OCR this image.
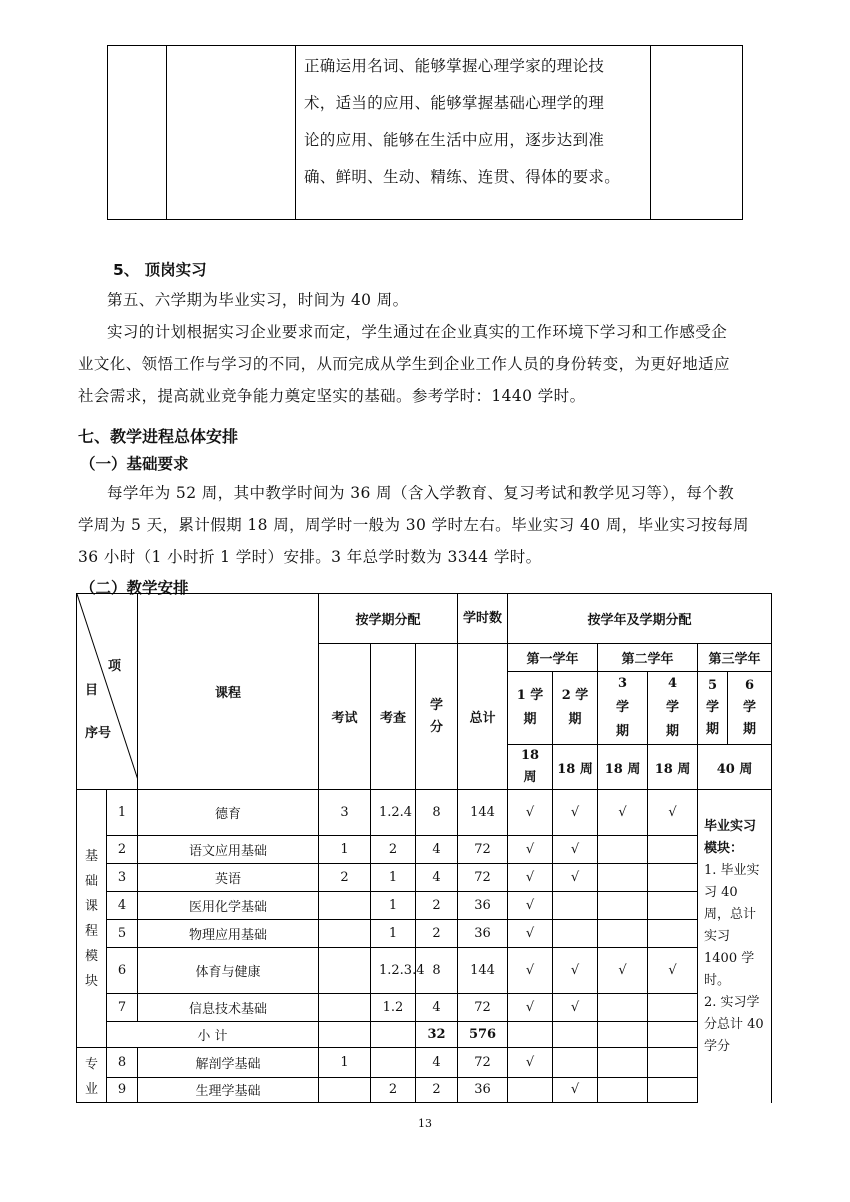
正确运用名词、能够掌握心理学家的理论技
术，适当的应用、能够掌握基础心理学的理
论的应用、能够在生活中应用，逐步达到准
确、鲜明、生动、精练、连贯、得体的要求。

5、 顶岗实习
第五、六学期为毕业实习，时间为 40 周。
实习的计划根据实习企业要求而定，学生通过在企业真实的工作环境下学习和工作感受企
业文化、领悟工作与学习的不同，从而完成从学生到企业工作人员的身份转变，为更好地适应
社会需求，提高就业竞争能力奠定坚实的基础。参考学时：1440 学时。
七、教学进程总体安排
（一）基础要求
每学年为 52 周，其中教学时间为 36 周（含入学教育、复习考试和教学见习等），每个教
学周为 5 天，累计假期 18 周，周学时一般为 30 学时左右。毕业实习 40 周，毕业实习按每周
36 小时（1 小时折 1 学时）安排。3 年总学时数为 3344 学时。
（二）教学安排
项
目
序号		课程	按学期分配			学时数	按学年及学期分配					
			考试	考查	学分	总计	第一学年		第二学年		第三学年	
							1 学期	2 学期	3 学期	4 学期	5 学期	6 学期
							18 周	18 周	18 周	18 周	40 周	
基础课程模块	1	德育	3	1.2.4	8	144	√	√	√	√	毕业实习模块：
1. 毕业实习 40 周，总计实习 1400 学时。
2. 实习学分总计 40 学分	

	2	语文应用基础	1	2	4	72	√	√				
	3	英语	2	1	4	72	√	√				
	4	医用化学基础		1	2	36	√					
	5	物理应用基础		1	2	36	√					
	6	体育与健康		1.2.3.4	8	144	√	√	√	√		
	7	信息技术基础		1.2	4	72	√	√				
	小 计				32	576						
专业	8	解剖学基础	1		4	72	√					
	9	生理学基础		2	2	36		√				
13
